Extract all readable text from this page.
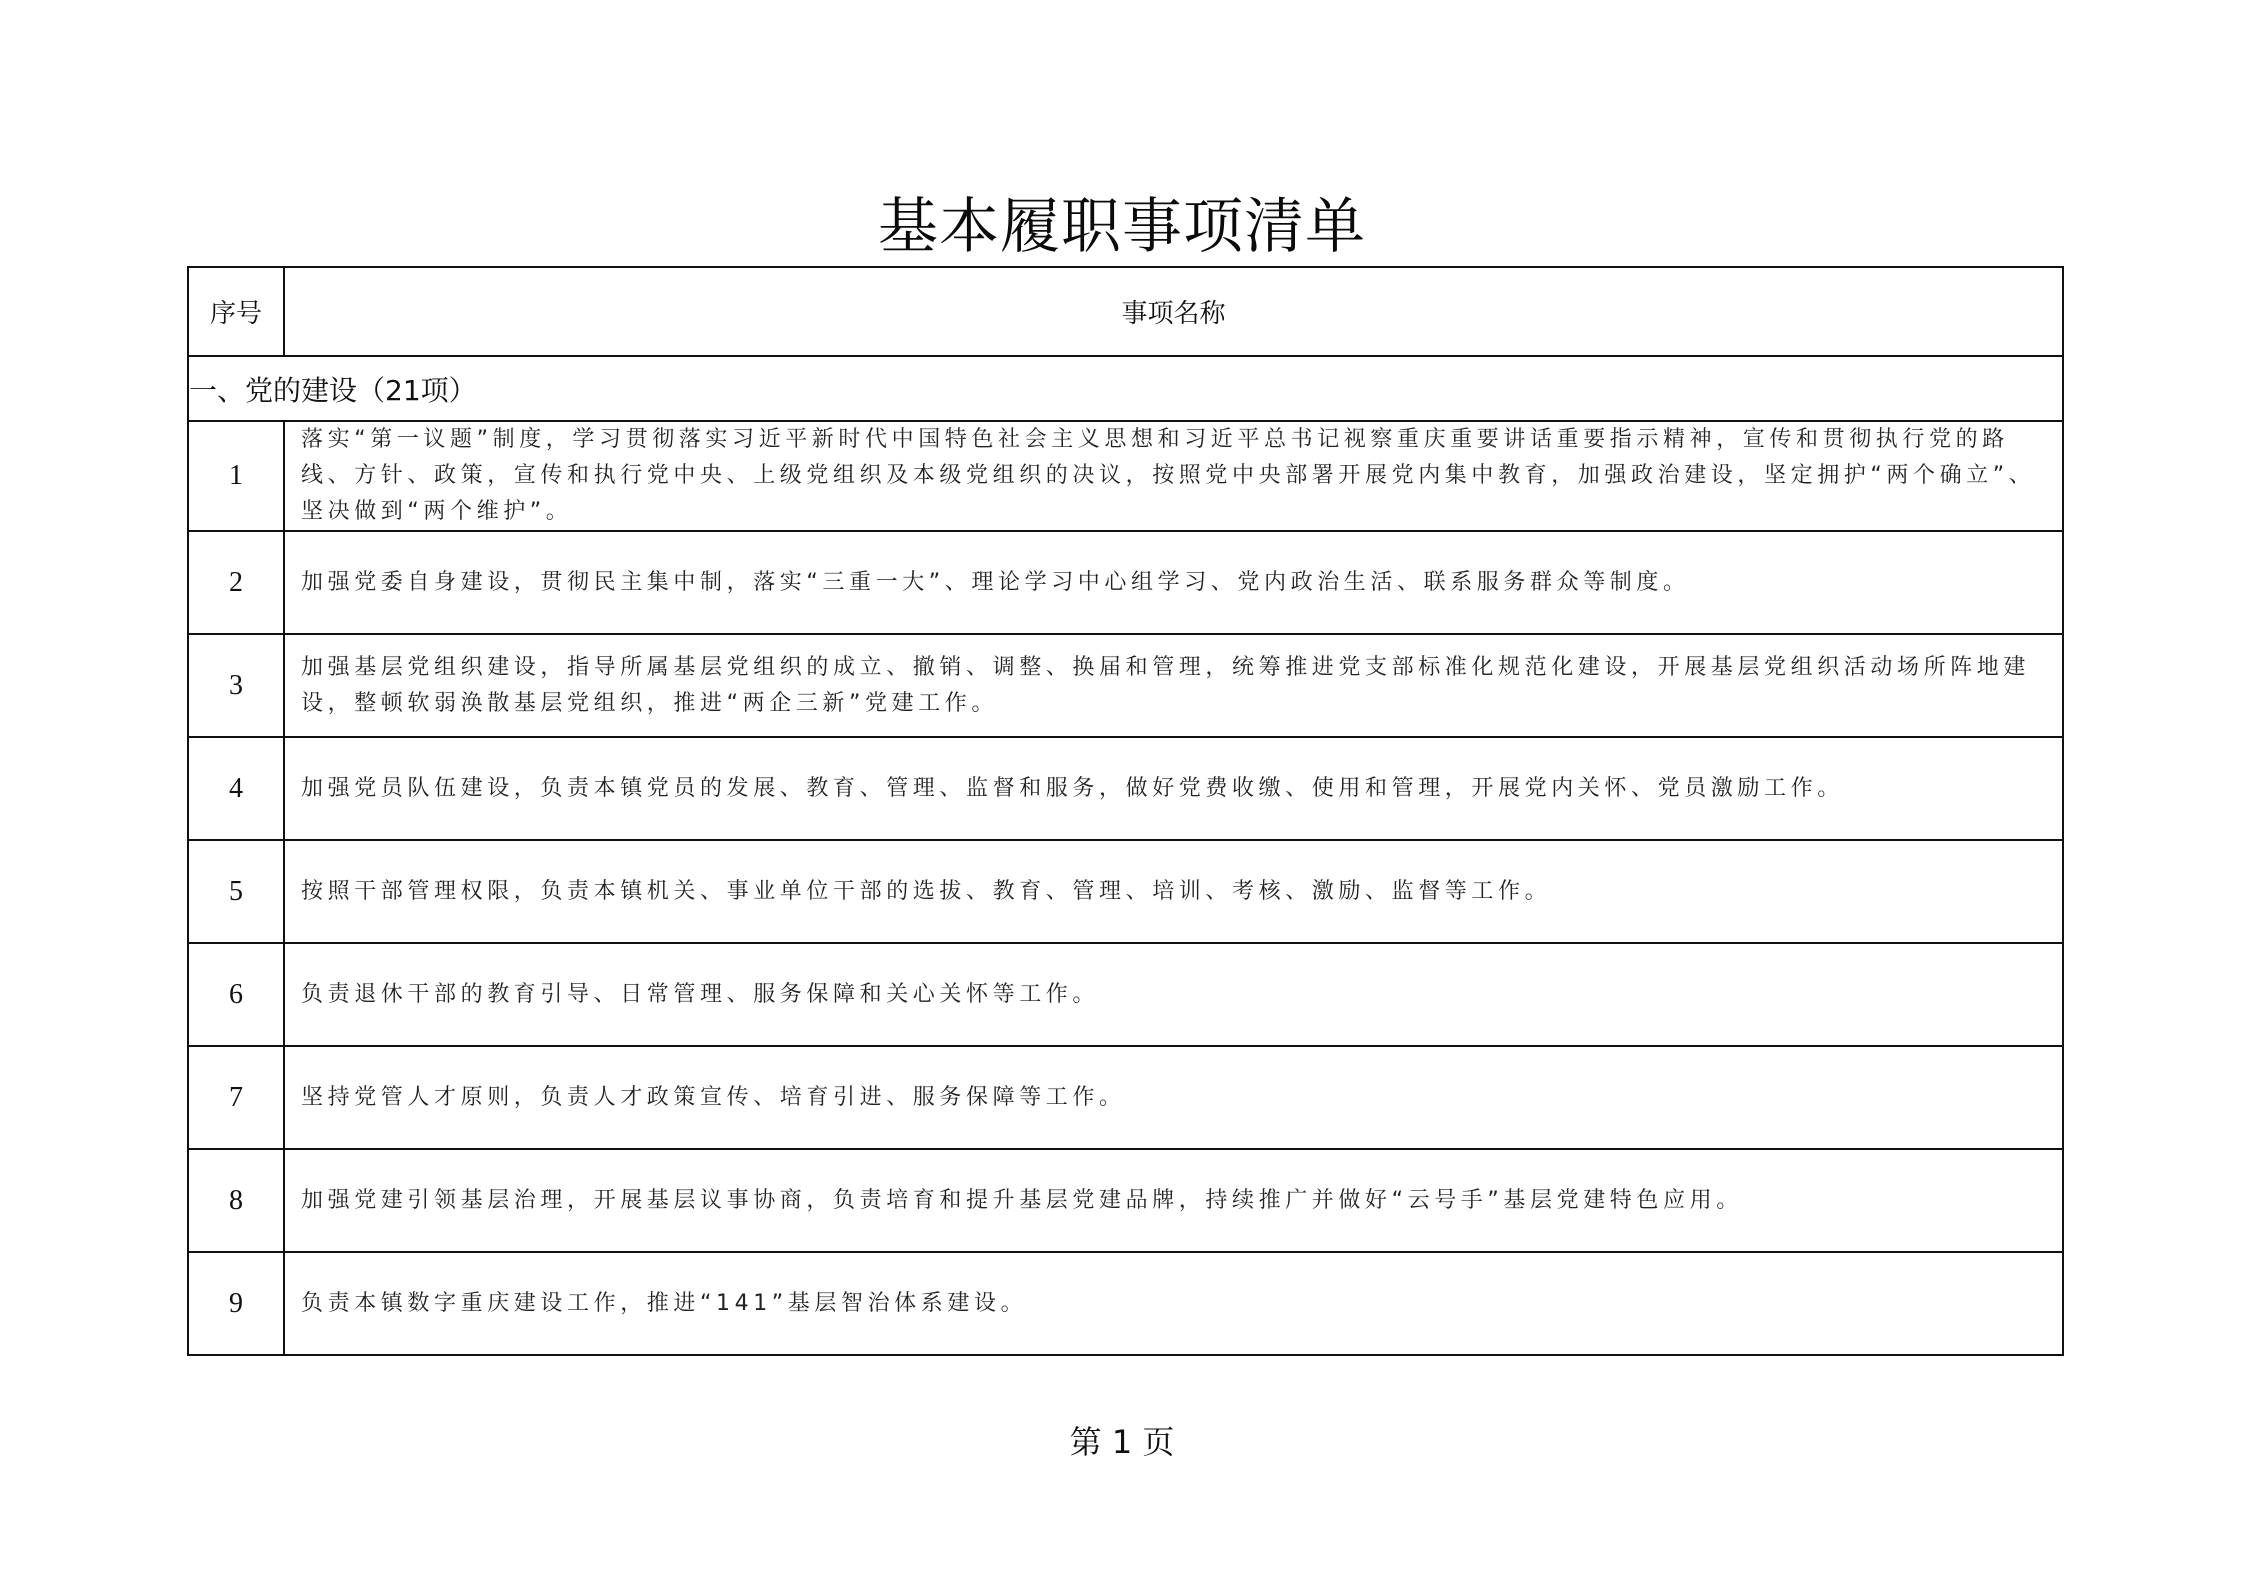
基本履职事项清单
序号	事项名称
一、党的建设（21项）	
1	落实“第一议题”制度，学习贯彻落实习近平新时代中国特色社会主义思想和习近平总书记视察重庆重要讲话重要指示精神，宣传和贯彻执行党的路线、方针、政策，宣传和执行党中央、上级党组织及本级党组织的决议，按照党中央部署开展党内集中教育，加强政治建设，坚定拥护“两个确立”、坚决做到“两个维护”。
2	加强党委自身建设，贯彻民主集中制，落实“三重一大”、理论学习中心组学习、党内政治生活、联系服务群众等制度。
3	加强基层党组织建设，指导所属基层党组织的成立、撤销、调整、换届和管理，统筹推进党支部标准化规范化建设，开展基层党组织活动场所阵地建设，整顿软弱涣散基层党组织，推进“两企三新”党建工作。
4	加强党员队伍建设，负责本镇党员的发展、教育、管理、监督和服务，做好党费收缴、使用和管理，开展党内关怀、党员激励工作。
5	按照干部管理权限，负责本镇机关、事业单位干部的选拔、教育、管理、培训、考核、激励、监督等工作。
6	负责退休干部的教育引导、日常管理、服务保障和关心关怀等工作。
7	坚持党管人才原则，负责人才政策宣传、培育引进、服务保障等工作。
8	加强党建引领基层治理，开展基层议事协商，负责培育和提升基层党建品牌，持续推广并做好“云号手”基层党建特色应用。
9	负责本镇数字重庆建设工作，推进“141”基层智治体系建设。
第 1 页
